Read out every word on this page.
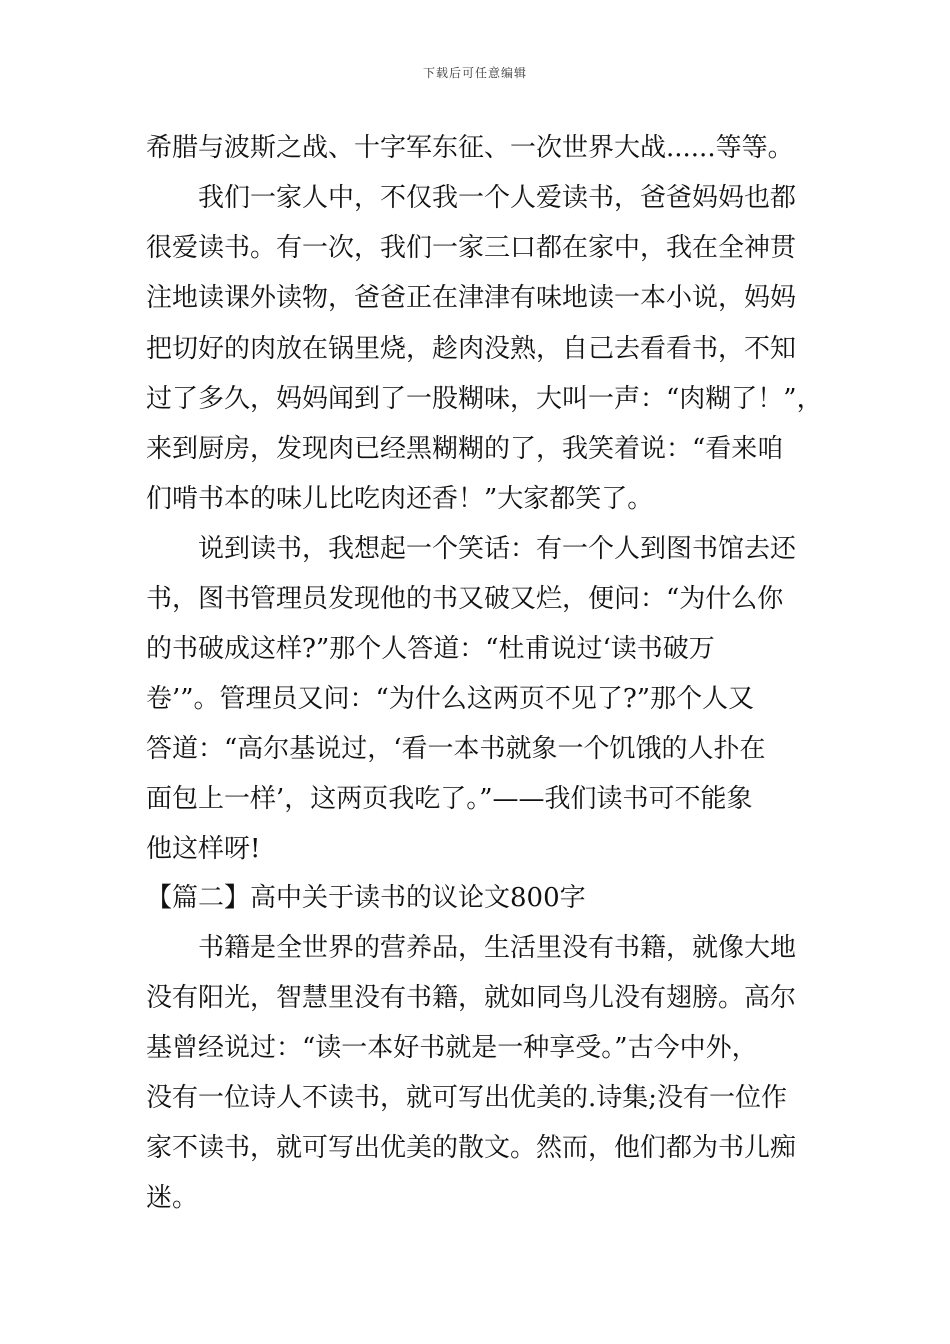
下载后可任意编辑
希腊与波斯之战、十字军东征、一次世界大战......等等。
我们一家人中，不仅我一个人爱读书，爸爸妈妈也都
很爱读书。有一次，我们一家三口都在家中，我在全神贯
注地读课外读物，爸爸正在津津有味地读一本小说，妈妈
把切好的肉放在锅里烧，趁肉没熟，自己去看看书，不知
过了多久，妈妈闻到了一股糊味，大叫一声：“肉糊了！”，
来到厨房，发现肉已经黑糊糊的了，我笑着说：“看来咱
们啃书本的味儿比吃肉还香！”大家都笑了。
说到读书，我想起一个笑话：有一个人到图书馆去还
书，图书管理员发现他的书又破又烂，便问：“为什么你
的书破成这样?”那个人答道：“杜甫说过‘读书破万
卷’”。管理员又问：“为什么这两页不见了?”那个人又
答道：“高尔基说过，‘看一本书就象一个饥饿的人扑在
面包上一样’，这两页我吃了。”——我们读书可不能象
他这样呀!
【篇二】高中关于读书的议论文800字
书籍是全世界的营养品，生活里没有书籍，就像大地
没有阳光，智慧里没有书籍，就如同鸟儿没有翅膀。高尔
基曾经说过：“读一本好书就是一种享受。”古今中外，
没有一位诗人不读书，就可写出优美的.诗集;没有一位作
家不读书，就可写出优美的散文。然而，他们都为书儿痴
迷。
